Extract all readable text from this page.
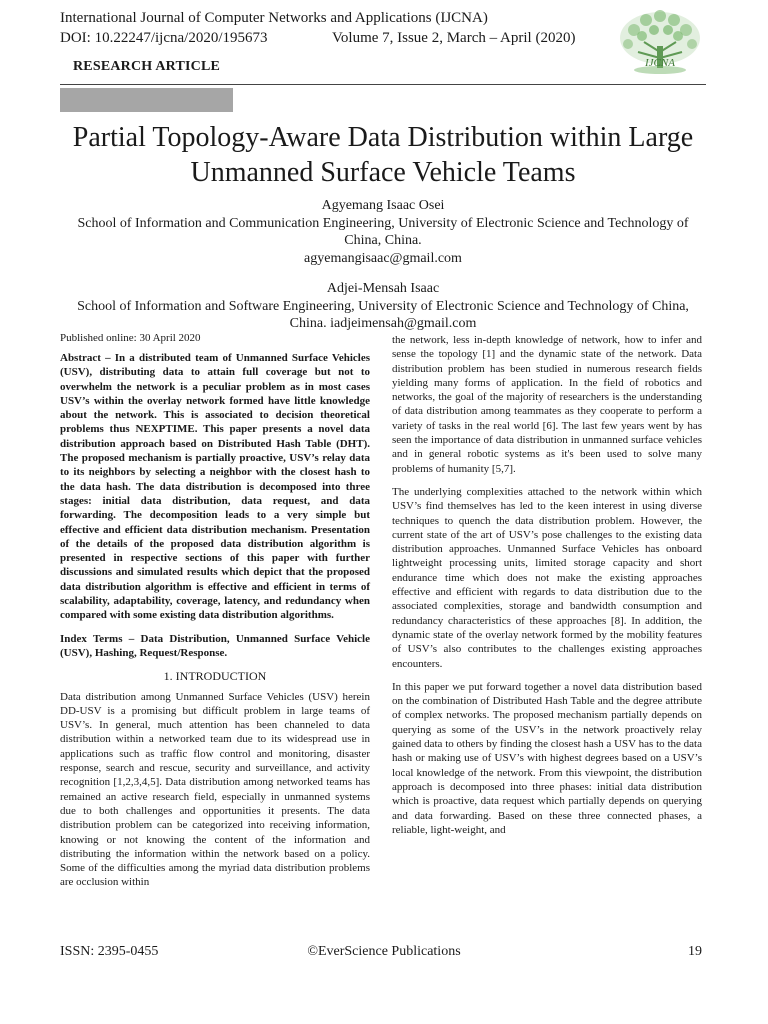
International Journal of Computer Networks and Applications (IJCNA)
DOI: 10.22247/ijcna/2020/195673	Volume 7, Issue 2, March – April (2020)
IJCNA
RESEARCH ARTICLE
Partial Topology-Aware Data Distribution within Large Unmanned Surface Vehicle Teams
Agyemang Isaac Osei
School of Information and Communication Engineering, University of Electronic Science and Technology of China, China.
agyemangisaac@gmail.com
Adjei-Mensah Isaac
School of Information and Software Engineering, University of Electronic Science and Technology of China, China. iadjeimensah@gmail.com
Published online: 30 April 2020

Abstract – In a distributed team of Unmanned Surface Vehicles (USV), distributing data to attain full coverage but not to overwhelm the network is a peculiar problem as in most cases USV’s within the overlay network formed have little knowledge about the network. This is associated to decision theoretical problems thus NEXPTIME. This paper presents a novel data distribution approach based on Distributed Hash Table (DHT). The proposed mechanism is partially proactive, USV’s relay data to its neighbors by selecting a neighbor with the closest hash to the data hash. The data distribution is decomposed into three stages: initial data distribution, data request, and data forwarding. The decomposition leads to a very simple but effective and efficient data distribution mechanism. Presentation of the details of the proposed data distribution algorithm is presented in respective sections of this paper with further discussions and simulated results which depict that the proposed data distribution algorithm is effective and efficient in terms of scalability, adaptability, coverage, latency, and redundancy when compared with some existing data distribution algorithms.

Index Terms – Data Distribution, Unmanned Surface Vehicle (USV), Hashing, Request/Response.

1. INTRODUCTION

Data distribution among Unmanned Surface Vehicles (USV) herein DD-USV is a promising but difficult problem in large teams of USV’s. In general, much attention has been channeled to data distribution within a networked team due to its widespread use in applications such as traffic flow control and monitoring, disaster response, search and rescue, security and surveillance, and activity recognition [1,2,3,4,5]. Data distribution among networked teams has remained an active research field, especially in unmanned systems due to both challenges and opportunities it presents. The data distribution problem can be categorized into receiving information, knowing or not knowing the content of the information and distributing the information within the network based on a policy. Some of the difficulties among the myriad data distribution problems are occlusion within

the network, less in-depth knowledge of network, how to infer and sense the topology [1] and the dynamic state of the network. Data distribution problem has been studied in numerous research fields yielding many forms of application. In the field of robotics and networks, the goal of the majority of researchers is the understanding of data distribution among teammates as they cooperate to perform a variety of tasks in the real world [6]. The last few years went by has seen the importance of data distribution in unmanned surface vehicles and in general robotic systems as it's been used to solve many problems of humanity [5,7].

The underlying complexities attached to the network within which USV’s find themselves has led to the keen interest in using diverse techniques to quench the data distribution problem. However, the current state of the art of USV’s pose challenges to the existing data distribution approaches. Unmanned Surface Vehicles has onboard lightweight processing units, limited storage capacity and short endurance time which does not make the existing approaches effective and efficient with regards to data distribution due to the associated complexities, storage and bandwidth consumption and redundancy characteristics of these approaches [8]. In addition, the dynamic state of the overlay network formed by the mobility features of USV’s also contributes to the challenges existing approaches encounters.

In this paper we put forward together a novel data distribution based on the combination of Distributed Hash Table and the degree attribute of complex networks. The proposed mechanism partially depends on querying as some of the USV’s in the network proactively relay gained data to others by finding the closest hash a USV has to the data hash or making use of USV’s with highest degrees based on a USV’s local knowledge of the network. From this viewpoint, the distribution approach is decomposed into three phases: initial data distribution which is proactive, data request which partially depends on querying and data forwarding. Based on these three connected phases, a reliable, light-weight, and

ISSN: 2395-0455	©EverScience Publications	19
